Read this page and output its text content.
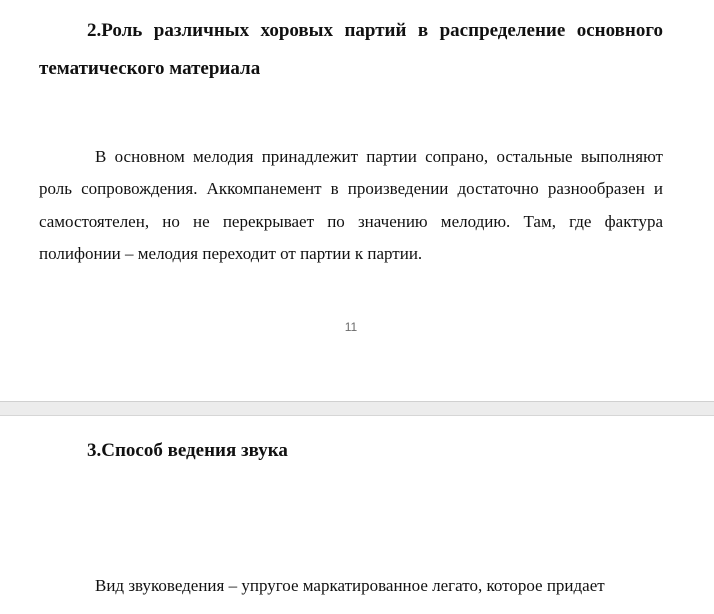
2.Роль различных хоровых партий в распределение основного тематического материала

В основном мелодия принадлежит партии сопрано, остальные выполняют роль сопровождения. Аккомпанемент в произведении достаточно разнообразен и самостоятелен, но не перекрывает по значению мелодию. Там, где фактура полифонии – мелодия переходит от партии к партии.

11
3.Способ ведения звука

Вид звуковедения – упругое маркатированное легато, которое придает
